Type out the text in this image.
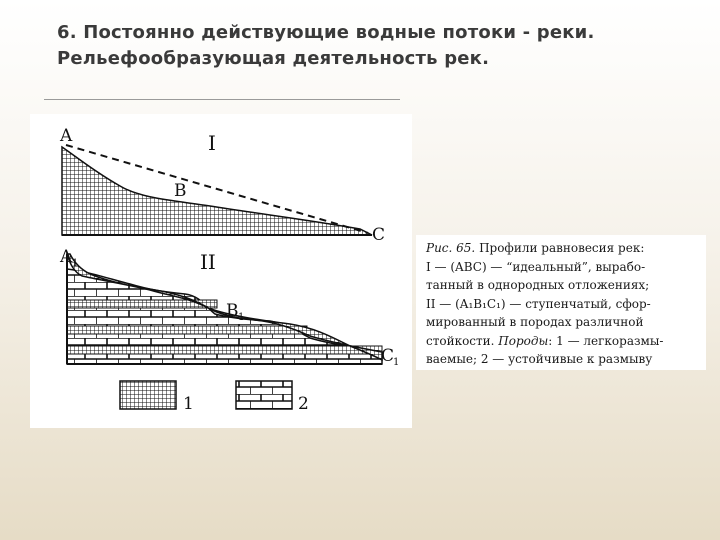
6. Постоянно действующие водные потоки - реки.
Рельефообразующая деятельность рек.
I
A
B
C
II
A 1
B 1
C
1
1	2
Рис. 65. Профили равновесия рек:
I — (ABC) — “идеальный”, вырабо-
танный в однородных отложениях;
II — (A₁B₁C₁) — ступенчатый, сфор-
мированный в породах различной
стойкости. Породы: 1 — легкоразмы-
ваемые; 2 — устойчивые к размыву
